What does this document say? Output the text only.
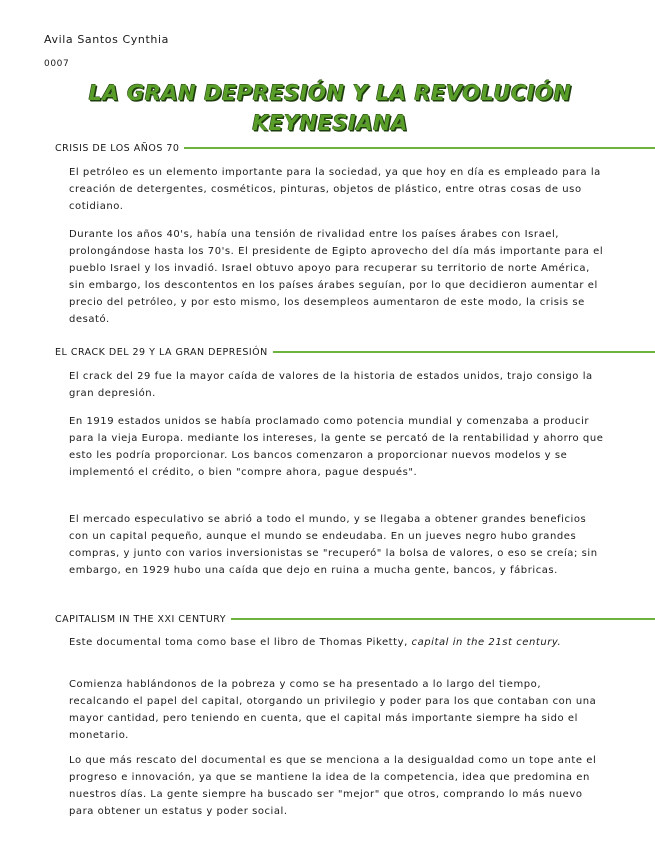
Avila Santos Cynthia
0007
LA GRAN DEPRESIÓN Y LA REVOLUCIÓN
KEYNESIANA
CRISIS DE LOS AÑOS 70

El petróleo es un elemento importante para la sociedad, ya que hoy en día es empleado para la creación de detergentes, cosméticos, pinturas, objetos de plástico, entre otras cosas de uso cotidiano.

Durante los años 40's, había una tensión de rivalidad entre los países árabes con Israel, prolongándose hasta los 70's. El presidente de Egipto aprovecho del día más importante para el pueblo Israel y los invadió. Israel obtuvo apoyo para recuperar su territorio de norte América, sin embargo, los descontentos en los países árabes seguían, por lo que decidieron aumentar el precio del petróleo, y por esto mismo, los desempleos aumentaron de este modo, la crisis se desató.

EL CRACK DEL 29 Y LA GRAN DEPRESIÓN

El crack del 29 fue la mayor caída de valores de la historia de estados unidos, trajo consigo la gran depresión.

En 1919 estados unidos se había proclamado como potencia mundial y comenzaba a producir para la vieja Europa. mediante los intereses, la gente se percató de la rentabilidad y ahorro que esto les podría proporcionar. Los bancos comenzaron a proporcionar nuevos modelos y se implementó el crédito, o bien "compre ahora, pague después".

El mercado especulativo se abrió a todo el mundo, y se llegaba a obtener grandes beneficios con un capital pequeño, aunque el mundo se endeudaba. En un jueves negro hubo grandes compras, y junto con varios inversionistas se "recuperó" la bolsa de valores, o eso se creía; sin embargo, en 1929 hubo una caída que dejo en ruina a mucha gente, bancos, y fábricas.

CAPITALISM IN THE XXI CENTURY

Este documental toma como base el libro de Thomas Piketty, capital in the 21st century.

Comienza hablándonos de la pobreza y como se ha presentado a lo largo del tiempo, recalcando el papel del capital, otorgando un privilegio y poder para los que contaban con una mayor cantidad, pero teniendo en cuenta, que el capital más importante siempre ha sido el monetario.

Lo que más rescato del documental es que se menciona a la desigualdad como un tope ante el progreso e innovación, ya que se mantiene la idea de la competencia, idea que predomina en nuestros días. La gente siempre ha buscado ser "mejor" que otros, comprando lo más nuevo para obtener un estatus y poder social.
